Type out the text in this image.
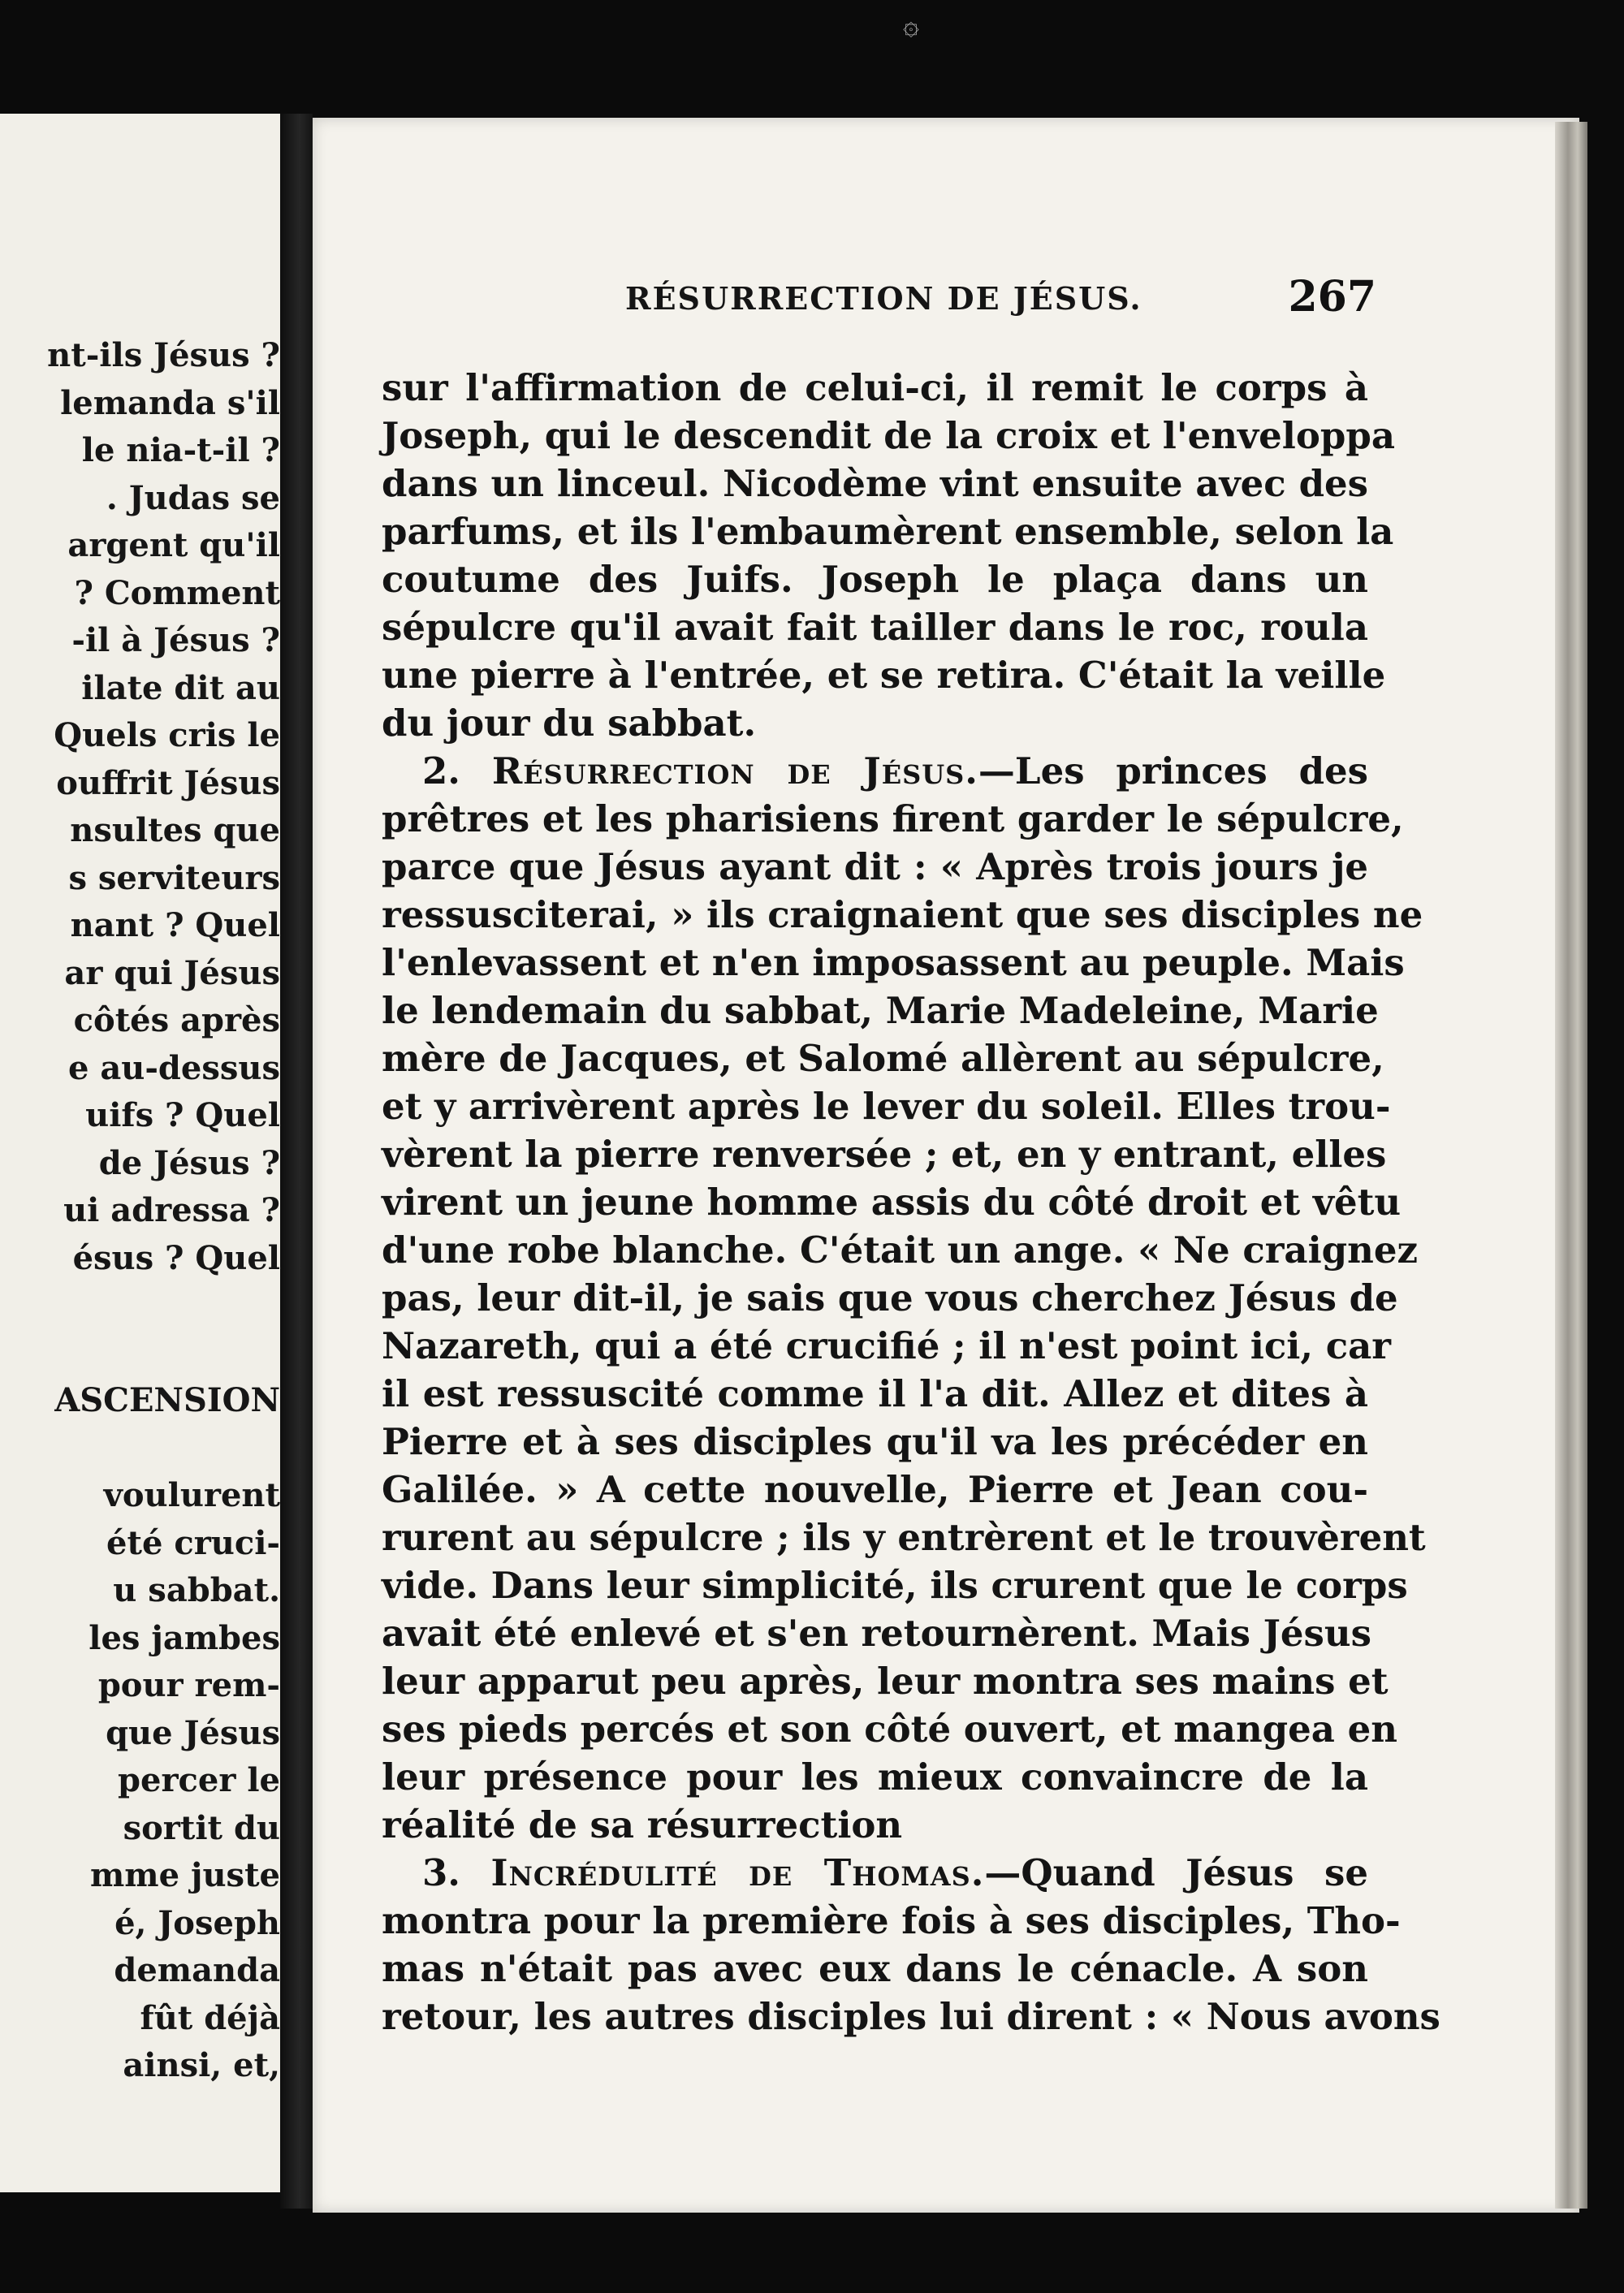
۞
nt-ils Jésus ?
lemanda s'il
le nia-t-il ?
. Judas se
argent qu'il
? Comment
-il à Jésus ?
ilate dit au
Quels cris le
ouffrit Jésus
nsultes que
s serviteurs
nant ? Quel
ar qui Jésus
côtés après
e au-dessus
uifs ? Quel
de Jésus ?
ui adressa ?
ésus ? Quel
ASCENSION
voulurent
été cruci-
u sabbat.
les jambes
pour rem-
que Jésus
percer le
sortit du
mme juste
é, Joseph
demanda
fût déjà
ainsi, et,
RÉSURRECTION DE JÉSUS.	267
sur l'affirmation de celui-ci, il remit le corps à
Joseph, qui le descendit de la croix et l'enveloppa
dans un linceul. Nicodème vint ensuite avec des
parfums, et ils l'embaumèrent ensemble, selon la
coutume des Juifs. Joseph le plaça dans un
sépulcre qu'il avait fait tailler dans le roc, roula
une pierre à l'entrée, et se retira. C'était la veille
du jour du sabbat.
2. Résurrection de Jésus.—Les princes des
prêtres et les pharisiens firent garder le sépulcre,
parce que Jésus ayant dit : « Après trois jours je
ressusciterai, » ils craignaient que ses disciples ne
l'enlevassent et n'en imposassent au peuple. Mais
le lendemain du sabbat, Marie Madeleine, Marie
mère de Jacques, et Salomé allèrent au sépulcre,
et y arrivèrent après le lever du soleil. Elles trou-
vèrent la pierre renversée ; et, en y entrant, elles
virent un jeune homme assis du côté droit et vêtu
d'une robe blanche. C'était un ange. « Ne craignez
pas, leur dit-il, je sais que vous cherchez Jésus de
Nazareth, qui a été crucifié ; il n'est point ici, car
il est ressuscité comme il l'a dit. Allez et dites à
Pierre et à ses disciples qu'il va les précéder en
Galilée. » A cette nouvelle, Pierre et Jean cou-
rurent au sépulcre ; ils y entrèrent et le trouvèrent
vide. Dans leur simplicité, ils crurent que le corps
avait été enlevé et s'en retournèrent. Mais Jésus
leur apparut peu après, leur montra ses mains et
ses pieds percés et son côté ouvert, et mangea en
leur présence pour les mieux convaincre de la
réalité de sa résurrection
3. Incrédulité de Thomas.—Quand Jésus se
montra pour la première fois à ses disciples, Tho-
mas n'était pas avec eux dans le cénacle. A son
retour, les autres disciples lui dirent : « Nous avons
